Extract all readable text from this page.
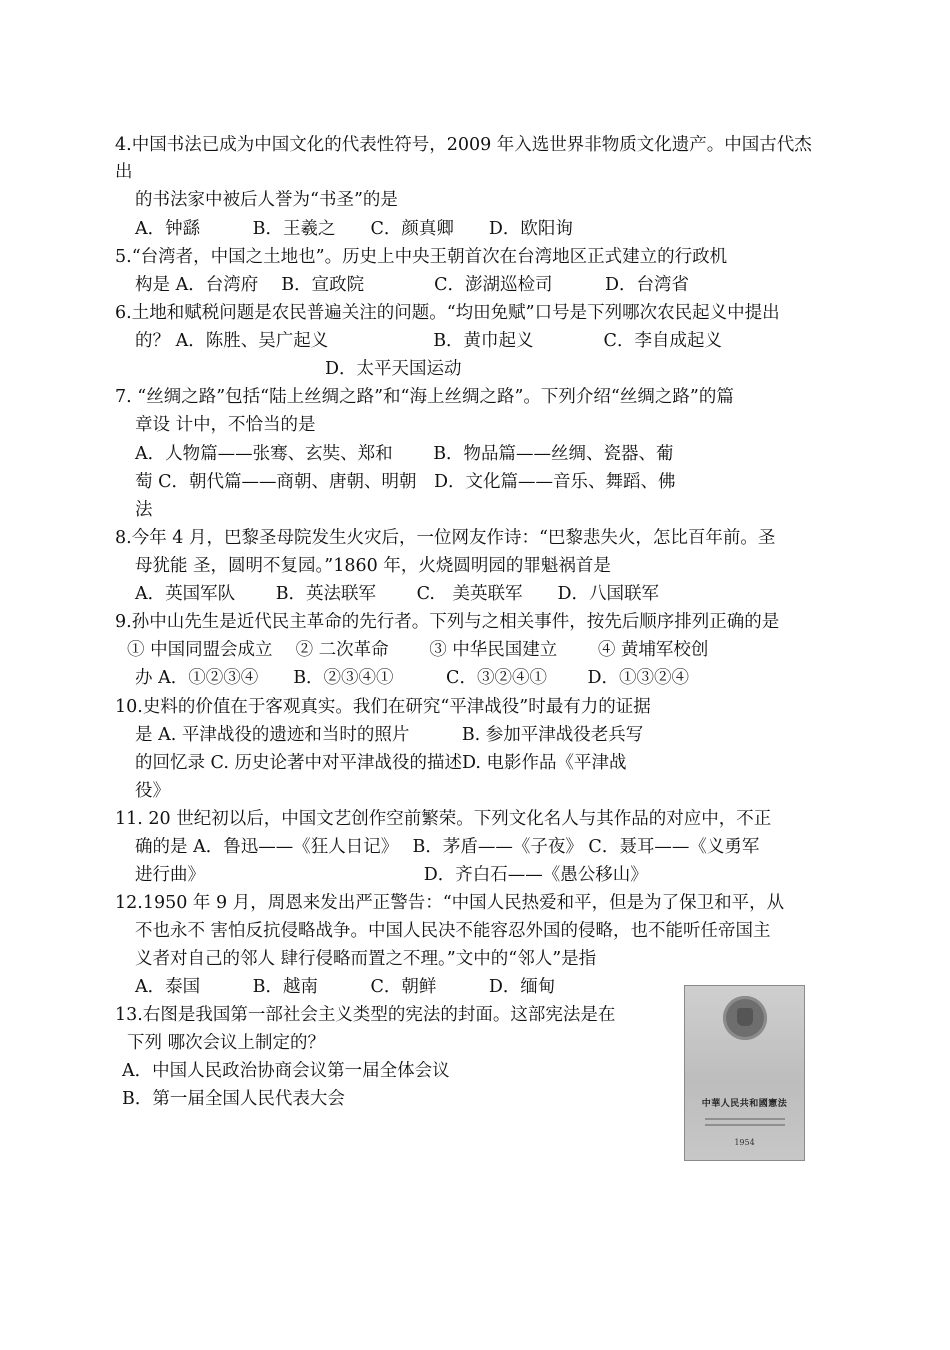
4.中国书法已成为中国文化的代表性符号，2009 年入选世界非物质文化遗产。中国古代杰
出
的书法家中被后人誉为“书圣”的是
A．钟繇　　　B．王羲之　　C．颜真卿　　D．欧阳询
5.“台湾者，中国之土地也”。历史上中央王朝首次在台湾地区正式建立的行政机
构是 A．台湾府　 B．宣政院　　　　C．澎湖巡检司　　　D．台湾省
6.土地和赋税问题是农民普遍关注的问题。“均田免赋”口号是下列哪次农民起义中提出
的？ A．陈胜、吴广起义　　　　　　B．黄巾起义　　　　C．李自成起义
D．太平天国运动
7. “丝绸之路”包括“陆上丝绸之路”和“海上丝绸之路”。下列介绍“丝绸之路”的篇
章设 计中，不恰当的是
A．人物篇——张骞、玄奘、郑和　　 B．物品篇——丝绸、瓷器、葡
萄 C．朝代篇——商朝、唐朝、明朝　D．文化篇——音乐、舞蹈、佛
法
8.今年 4 月，巴黎圣母院发生火灾后，一位网友作诗：“巴黎悲失火，怎比百年前。圣
母犹能 圣，圆明不复园。”1860 年，火烧圆明园的罪魁祸首是
A．英国军队　　 B．英法联军　　 C.　美英联军　　D．八国联军
9.孙中山先生是近代民主革命的先行者。下列与之相关事件，按先后顺序排列正确的是
① 中国同盟会成立　 ② 二次革命　　 ③ 中华民国建立　　 ④ 黄埔军校创
办 A．①②③④　　B．②③④①　　　C．③②④①　　 D．①③②④
10.史料的价值在于客观真实。我们在研究“平津战役”时最有力的证据
是 A. 平津战役的遗迹和当时的照片　　　B. 参加平津战役老兵写
的回忆录 C. 历史论著中对平津战役的描述D. 电影作品《平津战
役》
11. 20 世纪初以后，中国文艺创作空前繁荣。下列文化名人与其作品的对应中，不正
确的是 A．鲁迅——《狂人日记》　 B．茅盾——《子夜》 C．聂耳——《义勇军
进行曲》　　　　　　　　　　　　　D．齐白石——《愚公移山》
12.1950 年 9 月，周恩来发出严正警告：“中国人民热爱和平，但是为了保卫和平，从
不也永不 害怕反抗侵略战争。中国人民决不能容忍外国的侵略，也不能听任帝国主
义者对自己的邻人 肆行侵略而置之不理。”文中的“邻人”是指
A．泰国　　　B．越南　　　C．朝鲜　　　D．缅甸
13.右图是我国第一部社会主义类型的宪法的封面。这部宪法是在
下列 哪次会议上制定的？
A．中国人民政治协商会议第一届全体会议
B．第一届全国人民代表大会	中華人民共和國憲法
1954
